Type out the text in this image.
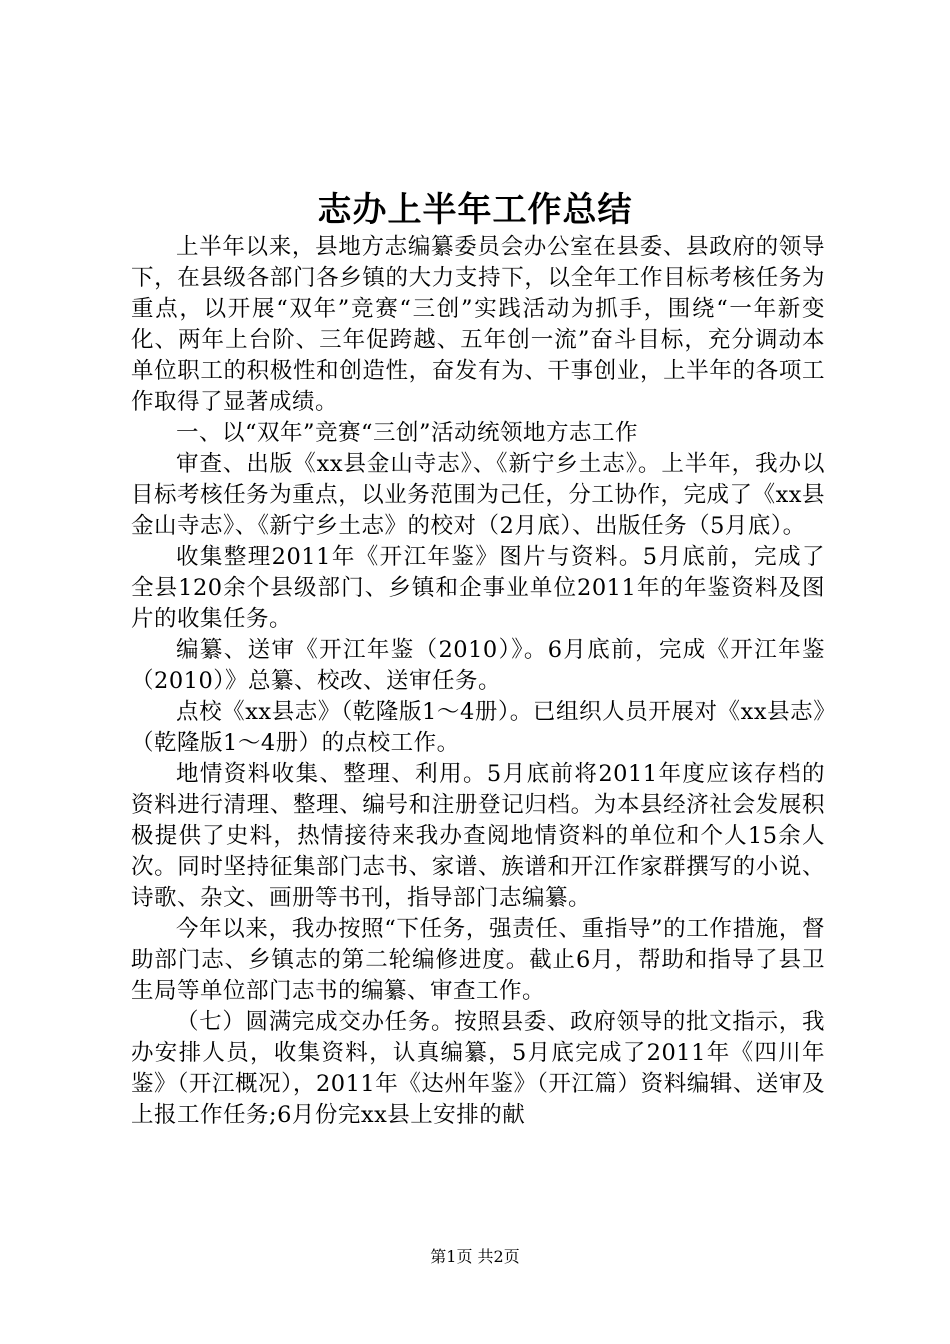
志办上半年工作总结

上半年以来，县地方志编纂委员会办公室在县委、县政府的领导下，在县级各部门各乡镇的大力支持下，以全年工作目标考核任务为重点，以开展“双年”竞赛“三创”实践活动为抓手，围绕“一年新变化、两年上台阶、三年促跨越、五年创一流”奋斗目标，充分调动本单位职工的积极性和创造性，奋发有为、干事创业，上半年的各项工作取得了显著成绩。

一、以“双年”竞赛“三创”活动统领地方志工作

审查、出版《xx县金山寺志》、《新宁乡土志》。上半年，我办以目标考核任务为重点，以业务范围为己任，分工协作，完成了《xx县金山寺志》、《新宁乡土志》的校对（2月底）、出版任务（5月底）。

收集整理2011年《开江年鉴》图片与资料。5月底前，完成了全县120余个县级部门、乡镇和企事业单位2011年的年鉴资料及图片的收集任务。

编纂、送审《开江年鉴（2010）》。6月底前，完成《开江年鉴（2010）》总纂、校改、送审任务。

点校《xx县志》（乾隆版1～4册）。已组织人员开展对《xx县志》（乾隆版1～4册）的点校工作。

地情资料收集、整理、利用。5月底前将2011年度应该存档的资料进行清理、整理、编号和注册登记归档。为本县经济社会发展积极提供了史料，热情接待来我办查阅地情资料的单位和个人15余人次。同时坚持征集部门志书、家谱、族谱和开江作家群撰写的小说、诗歌、杂文、画册等书刊，指导部门志编纂。

今年以来，我办按照“下任务，强责任、重指导”的工作措施，督助部门志、乡镇志的第二轮编修进度。截止6月，帮助和指导了县卫生局等单位部门志书的编纂、审查工作。

（七）圆满完成交办任务。按照县委、政府领导的批文指示，我办安排人员，收集资料，认真编纂，5月底完成了2011年《四川年鉴》（开江概况），2011年《达州年鉴》（开江篇）资料编辑、送审及上报工作任务;6月份完xx县上安排的献

第1页 共2页
